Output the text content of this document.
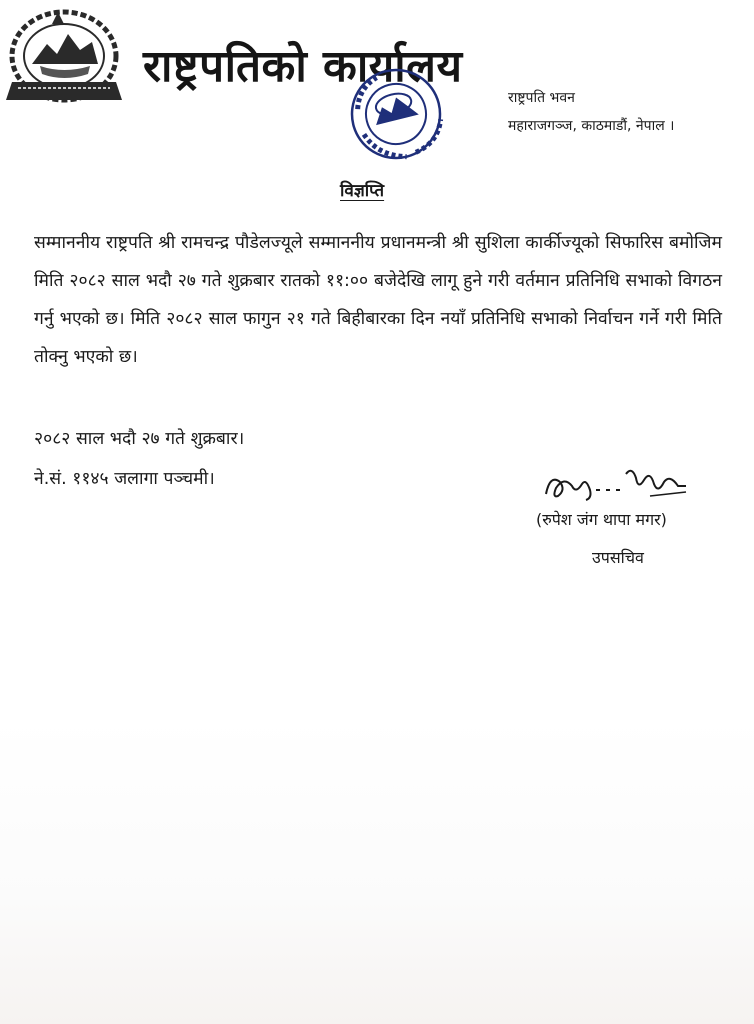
राष्ट्रपतिको कार्यालय
राष्ट्रपति भवन
महाराजगञ्ज, काठमाडौं, नेपाल ।
विज्ञप्ति
सम्माननीय राष्ट्रपति श्री रामचन्द्र पौडेलज्यूले सम्माननीय प्रधानमन्त्री श्री सुशिला कार्कीज्यूको सिफारिस बमोजिम मिति २०८२ साल भदौ २७ गते शुक्रबार रातको ११:०० बजेदेखि लागू हुने गरी वर्तमान प्रतिनिधि सभाको विगठन गर्नु भएको छ। मिति २०८२ साल फागुन २१ गते बिहीबारका दिन नयाँ प्रतिनिधि सभाको निर्वाचन गर्ने गरी मिति तोक्नु भएको छ।
२०८२ साल भदौ २७ गते शुक्रबार।
ने.सं. ११४५ जलागा पञ्चमी।
(रुपेश जंग थापा मगर)
उपसचिव
